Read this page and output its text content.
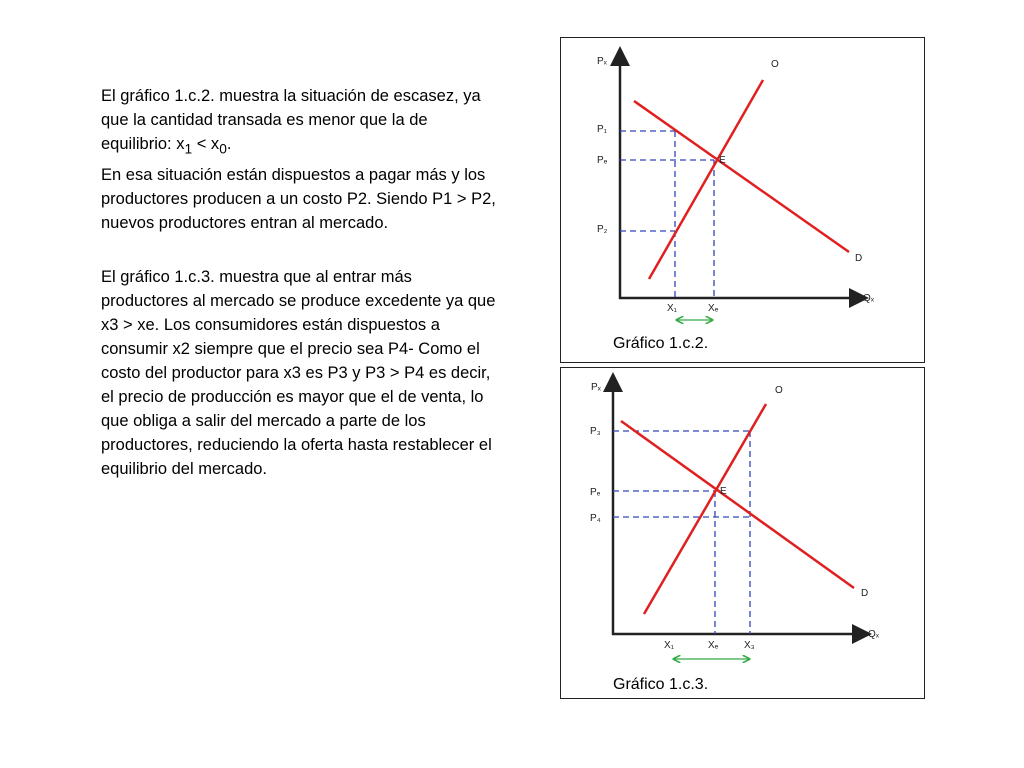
El gráfico 1.c.2. muestra la situación de escasez, ya que la cantidad transada es menor que la de equilibrio: $x_1 < x_0$.

En esa situación están dispuestos a pagar más y los productores producen a un costo P2. Siendo P1 > P2, nuevos productores entran al mercado.

El gráfico 1.c.3. muestra que al entrar más productores al mercado se produce excedente ya que x3 > xe. Los consumidores están dispuestos a consumir x2 siempre que el precio sea P4- Como el costo del productor para x3 es P3 y P3 > P4 es decir, el precio de producción es mayor que el de venta, lo que obliga a salir del mercado a parte de los productores, reduciendo la oferta hasta restablecer el equilibrio del mercado.

Pₓ
Qₓ
O
D
E
P₁
Pₑ
P₂
X₁	Xₑ
Gráfico 1.c.2.
Pₓ
Qₓ
O
D
E
P₃
Pₑ
P₄
X₁	Xₑ	X₃
Gráfico 1.c.3.
